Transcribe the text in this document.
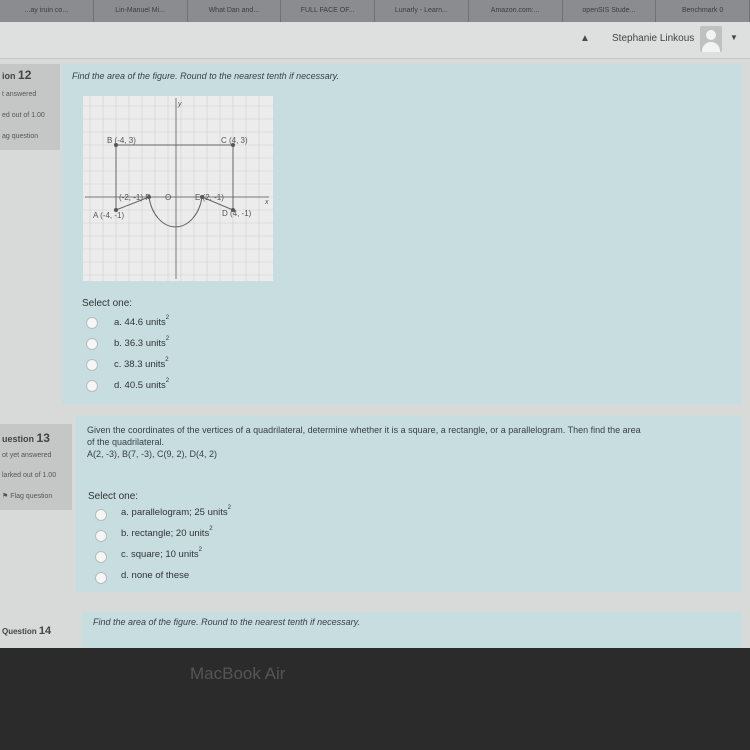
...ay iruin co...	Lin-Manuel Mi...	What Dan and...	FULL FACE OF...	Lunarly - Learn...	Amazon.com:...	openSIS Stude...	Benchmark 0
▲ Stephanie Linkous	▼
ion 12
t answered
ed out of 1.00
ag question
Find the area of the figure. Round to the nearest tenth if necessary.
y
x
B (-4, 3)	C (4, 3)
(-2, -1) F O	E (2, -1)
A (-4, -1)	D (4, -1)
Select one:
a. 44.6 units$^2$
b. 36.3 units$^2$
c. 38.3 units$^2$
d. 40.5 units$^2$
uestion 13
ot yet answered
larked out of 1.00
⚑ Flag question
Given the coordinates of the vertices of a quadrilateral, determine whether it is a square, a rectangle, or a parallelogram. Then find the area
of the quadrilateral.
A(2, -3), B(7, -3), C(9, 2), D(4, 2)
Select one:
a. parallelogram; 25 units$^2$
b. rectangle; 20 units$^2$
c. square; 10 units$^2$
d. none of these
Question 14
Find the area of the figure. Round to the nearest tenth if necessary.
MacBook Air
